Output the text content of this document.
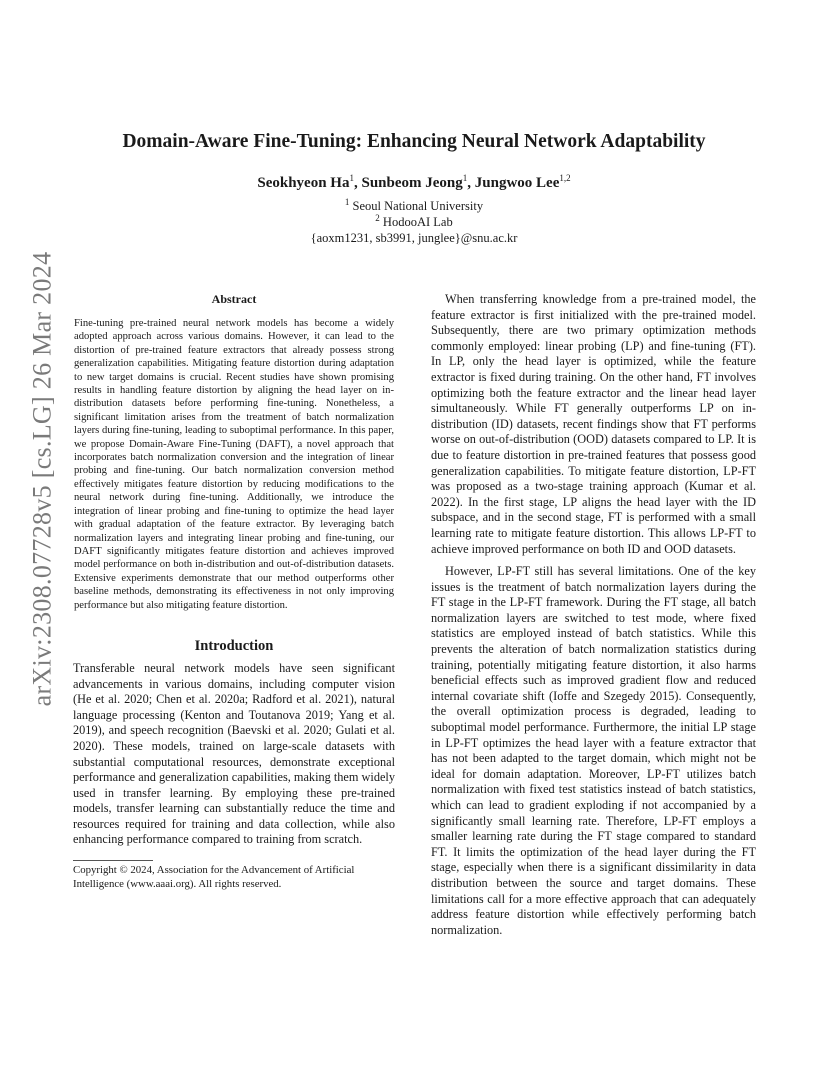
arXiv:2308.07728v5 [cs.LG] 26 Mar 2024
Domain-Aware Fine-Tuning: Enhancing Neural Network Adaptability
Seokhyeon Ha$^1$, Sunbeom Jeong$^1$, Jungwoo Lee$^{1,2}$
$^1$ Seoul National University
$^2$ HodooAI Lab
{aoxm1231, sb3991, junglee}@snu.ac.kr
Abstract

Fine-tuning pre-trained neural network models has become a widely adopted approach across various domains. However, it can lead to the distortion of pre-trained feature extractors that already possess strong generalization capabilities. Mitigating feature distortion during adaptation to new target domains is crucial. Recent studies have shown promising results in handling feature distortion by aligning the head layer on in-distribution datasets before performing fine-tuning. Nonetheless, a significant limitation arises from the treatment of batch normalization layers during fine-tuning, leading to suboptimal performance. In this paper, we propose Domain-Aware Fine-Tuning (DAFT), a novel approach that incorporates batch normalization conversion and the integration of linear probing and fine-tuning. Our batch normalization conversion method effectively mitigates feature distortion by reducing modifications to the neural network during fine-tuning. Additionally, we introduce the integration of linear probing and fine-tuning to optimize the head layer with gradual adaptation of the feature extractor. By leveraging batch normalization layers and integrating linear probing and fine-tuning, our DAFT significantly mitigates feature distortion and achieves improved model performance on both in-distribution and out-of-distribution datasets. Extensive experiments demonstrate that our method outperforms other baseline methods, demonstrating its effectiveness in not only improving performance but also mitigating feature distortion.

Introduction

Transferable neural network models have seen significant advancements in various domains, including computer vision (He et al. 2020; Chen et al. 2020a; Radford et al. 2021), natural language processing (Kenton and Toutanova 2019; Yang et al. 2019), and speech recognition (Baevski et al. 2020; Gulati et al. 2020). These models, trained on large-scale datasets with substantial computational resources, demonstrate exceptional performance and generalization capabilities, making them widely used in transfer learning. By employing these pre-trained models, transfer learning can substantially reduce the time and resources required for training and data collection, while also enhancing performance compared to training from scratch.

Copyright © 2024, Association for the Advancement of Artificial Intelligence (www.aaai.org). All rights reserved.

When transferring knowledge from a pre-trained model, the feature extractor is first initialized with the pre-trained model. Subsequently, there are two primary optimization methods commonly employed: linear probing (LP) and fine-tuning (FT). In LP, only the head layer is optimized, while the feature extractor is fixed during training. On the other hand, FT involves optimizing both the feature extractor and the linear head layer simultaneously. While FT generally outperforms LP on in-distribution (ID) datasets, recent findings show that FT performs worse on out-of-distribution (OOD) datasets compared to LP. It is due to feature distortion in pre-trained features that possess good generalization capabilities. To mitigate feature distortion, LP-FT was proposed as a two-stage training approach (Kumar et al. 2022). In the first stage, LP aligns the head layer with the ID subspace, and in the second stage, FT is performed with a small learning rate to mitigate feature distortion. This allows LP-FT to achieve improved performance on both ID and OOD datasets.

However, LP-FT still has several limitations. One of the key issues is the treatment of batch normalization layers during the FT stage in the LP-FT framework. During the FT stage, all batch normalization layers are switched to test mode, where fixed statistics are employed instead of batch statistics. While this prevents the alteration of batch normalization statistics during training, potentially mitigating feature distortion, it also harms beneficial effects such as improved gradient flow and reduced internal covariate shift (Ioffe and Szegedy 2015). Consequently, the overall optimization process is degraded, leading to suboptimal model performance. Furthermore, the initial LP stage in LP-FT optimizes the head layer with a feature extractor that has not been adapted to the target domain, which might not be ideal for domain adaptation. Moreover, LP-FT utilizes batch normalization with fixed test statistics instead of batch statistics, which can lead to gradient exploding if not accompanied by a significantly small learning rate. Therefore, LP-FT employs a smaller learning rate during the FT stage compared to standard FT. It limits the optimization of the head layer during the FT stage, especially when there is a significant dissimilarity in data distribution between the source and target domains. These limitations call for a more effective approach that can adequately address feature distortion while effectively performing batch normalization.
